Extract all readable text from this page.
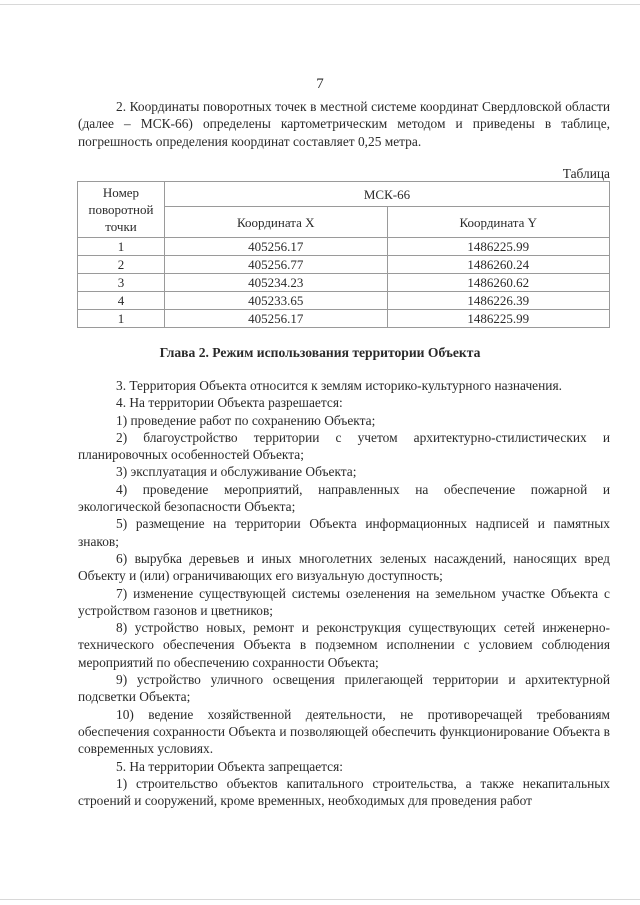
7

2. Координаты поворотных точек в местной системе координат Свердловской области (далее – МСК-66) определены картометрическим методом и приведены в таблице, погрешность определения координат составляет 0,25 метра.

Таблица
Номер поворотной точки	МСК-66	
	Координата X	Координата Y
1	405256.17	1486225.99
2	405256.77	1486260.24
3	405234.23	1486260.62
4	405233.65	1486226.39
1	405256.17	1486225.99
Глава 2. Режим использования территории Объекта

3. Территория Объекта относится к землям историко-культурного назначения.

4. На территории Объекта разрешается:

1) проведение работ по сохранению Объекта;

2) благоустройство территории с учетом архитектурно-стилистических и планировочных особенностей Объекта;

3) эксплуатация и обслуживание Объекта;

4) проведение мероприятий, направленных на обеспечение пожарной и экологической безопасности Объекта;

5) размещение на территории Объекта информационных надписей и памятных знаков;

6) вырубка деревьев и иных многолетних зеленых насаждений, наносящих вред Объекту и (или) ограничивающих его визуальную доступность;

7) изменение существующей системы озеленения на земельном участке Объекта с устройством газонов и цветников;

8) устройство новых, ремонт и реконструкция существующих сетей инженерно-технического обеспечения Объекта в подземном исполнении с условием соблюдения мероприятий по обеспечению сохранности Объекта;

9) устройство уличного освещения прилегающей территории и архитектурной подсветки Объекта;

10) ведение хозяйственной деятельности, не противоречащей требованиям обеспечения сохранности Объекта и позволяющей обеспечить функционирование Объекта в современных условиях.

5. На территории Объекта запрещается:

1) строительство объектов капитального строительства, а также некапитальных строений и сооружений, кроме временных, необходимых для проведения работ
